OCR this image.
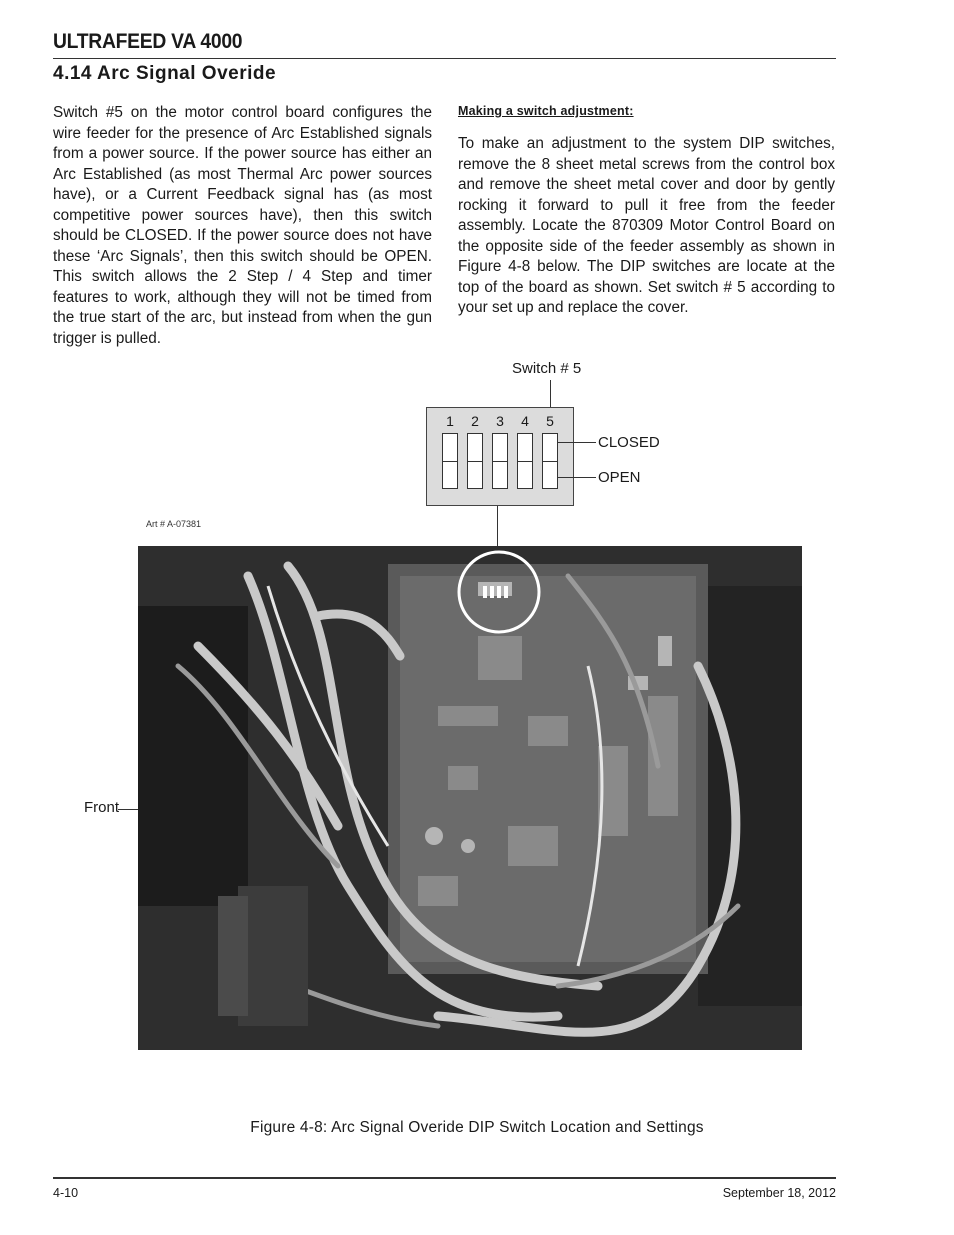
ULTRAFEED VA 4000
4.14 Arc Signal Overide
Switch #5 on the motor control board configures the wire feeder for the presence of Arc Established signals from a power source. If the power source has either an Arc Established (as most Thermal Arc power sources have), or a Current Feedback signal has (as most competitive power sources have), then this switch should be CLOSED. If the power source does not have these ‘Arc Signals’, then this switch should be OPEN. This switch allows the 2 Step / 4 Step and timer features to work, although they will not be timed from the true start of the arc, but instead from when the gun trigger is pulled.
Making a switch adjustment:
To make an adjustment to the system DIP switches, remove the 8 sheet metal screws from the control box and remove the sheet metal cover and door by gently rocking it forward to pull it free from the feeder assembly. Locate the 870309 Motor Control Board on the opposite side of the feeder assembly as shown in Figure 4-8 below. The DIP switches are locate at the top of the board as shown. Set switch # 5 according to your set up and replace the cover.
Switch # 5
1 2 3 4 5
CLOSED
OPEN
Art # A-07381
Front
Figure 4-8: Arc Signal Overide DIP Switch Location and Settings
4-10	September 18, 2012
